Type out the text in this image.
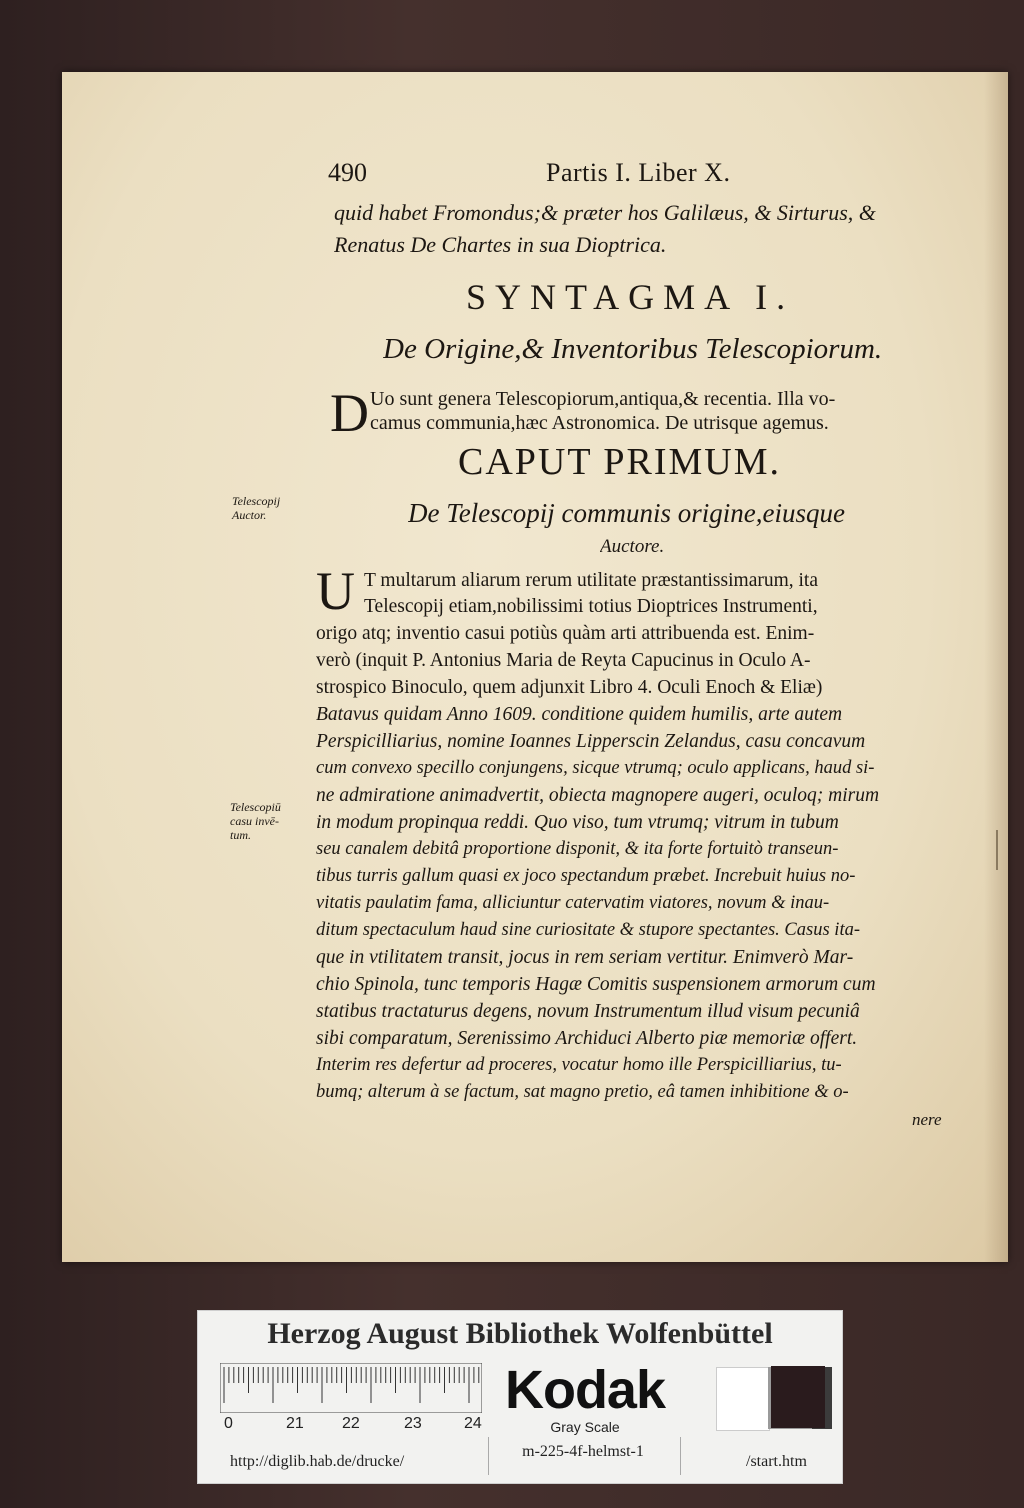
490	Partis I. Liber X.
quid habet Fromondus;& præter hos Galilæus, & Sirturus, &
Renatus De Chartes in sua Dioptrica.
SYNTAGMA I.
De Origine,& Inventoribus Telescopiorum.
D Uo sunt genera Telescopiorum,antiqua,& recentia. Illa vo-
camus communia,hæc Astronomica. De utrisque agemus.
CAPUT PRIMUM.
De Telescopij communis origine,eiusque
Auctore.
Telescopij
Auctor.
Telescopiū
casu invē-
tum.
U T multarum aliarum rerum utilitate præstantissimarum, ita
Telescopij etiam,nobilissimi totius Dioptrices Instrumenti,
origo atq; inventio casui potiùs quàm arti attribuenda est. Enim-
verò (inquit P. Antonius Maria de Reyta Capucinus in Oculo A-
strospico Binoculo, quem adjunxit Libro 4. Oculi Enoch & Eliæ)
Batavus quidam Anno 1609. conditione quidem humilis, arte autem
Perspicilliarius, nomine Ioannes Lipperscin Zelandus, casu concavum
cum convexo specillo conjungens, sicque vtrumq; oculo applicans, haud si-
ne admiratione animadvertit, obiecta magnopere augeri, oculoq; mirum
in modum propinqua reddi. Quo viso, tum vtrumq; vitrum in tubum
seu canalem debitâ proportione disponit, & ita forte fortuitò transeun-
tibus turris gallum quasi ex joco spectandum præbet. Increbuit huius no-
vitatis paulatim fama, alliciuntur catervatim viatores, novum & inau-
ditum spectaculum haud sine curiositate & stupore spectantes. Casus ita-
que in vtilitatem transit, jocus in rem seriam vertitur. Enimverò Mar-
chio Spinola, tunc temporis Hagæ Comitis suspensionem armorum cum
statibus tractaturus degens, novum Instrumentum illud visum pecuniâ
sibi comparatum, Serenissimo Archiduci Alberto piæ memoriæ offert.
Interim res defertur ad proceres, vocatur homo ille Perspicilliarius, tu-
bumq; alterum à se factum, sat magno pretio, eâ tamen inhibitione & o-
nere
Herzog August Bibliothek Wolfenbüttel
0	21 22	23	24
Kodak
Gray Scale
m-225-4f-helmst-1
http://diglib.hab.de/drucke/	/start.htm
